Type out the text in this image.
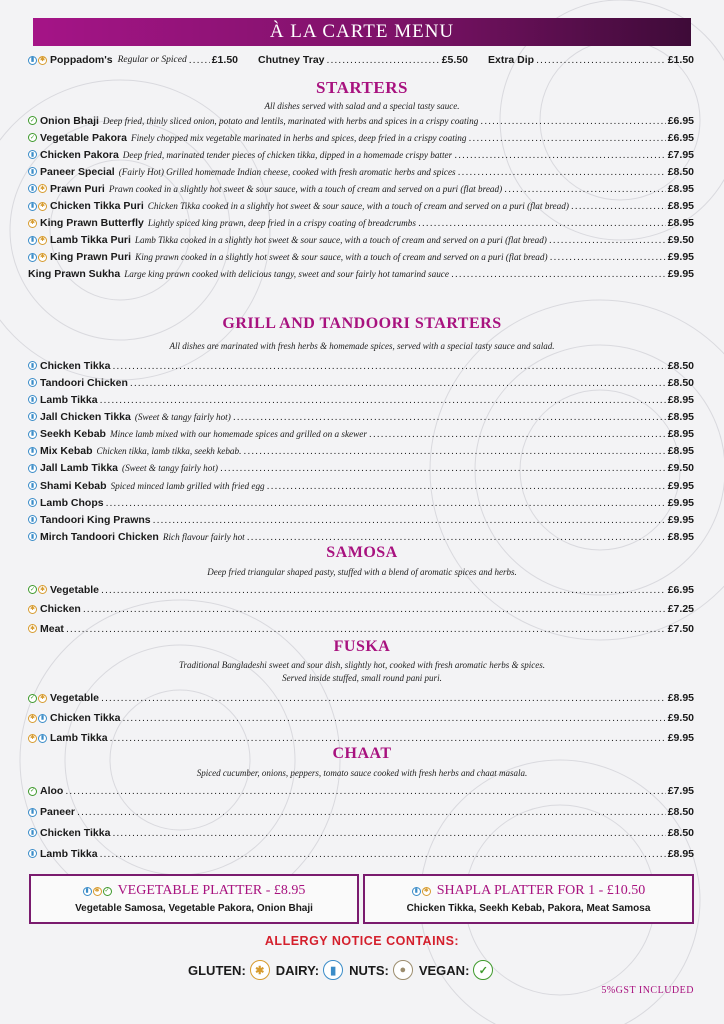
À LA CARTE MENU
▮ ✱ Poppadom's Regular or Spiced ..... £1.50 Chutney Tray .....	£5.50 Extra Dip .....	£1.50
STARTERS
All dishes served with salad and a special tasty sauce.
✓ Onion Bhaji Deep fried, thinly sliced onion, potato and lentils, marinated with herbs and spices in a crispy coating .....	£6.95
✓ Vegetable Pakora Finely chopped mix vegetable marinated in herbs and spices, deep fried in a crispy coating .....	£6.95
▮ Chicken Pakora Deep fried, marinated tender pieces of chicken tikka, dipped in a homemade crispy batter .....	£7.95
▮ Paneer Special (Fairly Hot) Grilled homemade Indian cheese, cooked with fresh aromatic herbs and spices .....	£8.50
▮ ✱ Prawn Puri Prawn cooked in a slightly hot sweet & sour sauce, with a touch of cream and served on a puri (flat bread) .....	£8.95
▮ ✱ Chicken Tikka Puri Chicken Tikka cooked in a slightly hot sweet & sour sauce, with a touch of cream and served on a puri (flat bread) .....	£8.95
✱ King Prawn Butterfly Lightly spiced king prawn, deep fried in a crispy coating of breadcrumbs .....	£8.95
▮ ✱ Lamb Tikka Puri Lamb Tikka cooked in a slightly hot sweet & sour sauce, with a touch of cream and served on a puri (flat bread) .....	£9.50
▮ ✱ King Prawn Puri King prawn cooked in a slightly hot sweet & sour sauce, with a touch of cream and served on a puri (flat bread) .....	£9.95
King Prawn Sukha Large king prawn cooked with delicious tangy, sweet and sour fairly hot tamarind sauce .....	£9.95
GRILL AND TANDOORI STARTERS
All dishes are marinated with fresh herbs & homemade spices, served with a special tasty sauce and salad.
▮ Chicken Tikka .....	£8.50
▮ Tandoori Chicken .....	£8.50
▮ Lamb Tikka .....	£8.95
▮ Jall Chicken Tikka (Sweet & tangy fairly hot) .....	£8.95
▮ Seekh Kebab Mince lamb mixed with our homemade spices and grilled on a skewer .....	£8.95
▮ Mix Kebab Chicken tikka, lamb tikka, seekh kebab. .....	£8.95
▮ Jall Lamb Tikka (Sweet & tangy fairly hot) .....	£9.50
▮ Shami Kebab Spiced minced lamb grilled with fried egg .....	£9.95
▮ Lamb Chops .....	£9.95
▮ Tandoori King Prawns .....	£9.95
▮ Mirch Tandoori Chicken Rich flavour fairly hot .....	£8.95
SAMOSA
Deep fried triangular shaped pasty, stuffed with a blend of aromatic spices and herbs.
✓ ✱ Vegetable .....	£6.95
✱ Chicken .....	£7.25
✱ Meat .....	£7.50
FUSKA
Traditional Bangladeshi sweet and sour dish, slightly hot, cooked with fresh aromatic herbs & spices.
Served inside stuffed, small round pani puri.
✓ ✱ Vegetable .....	£8.95
✱ ▮ Chicken Tikka .....	£9.50
✱ ▮ Lamb Tikka .....	£9.95
CHAAT
Spiced cucumber, onions, peppers, tomato sauce cooked with fresh herbs and chaat masala.
✓ Aloo .....	£7.95
▮ Paneer .....	£8.50
▮ Chicken Tikka .....	£8.50
▮ Lamb Tikka .....	£8.95
▮ ✱ ✓ VEGETABLE PLATTER - £8.95
Vegetable Samosa, Vegetable Pakora, Onion Bhaji
▮ ✱ SHAPLA PLATTER FOR 1 - £10.50
Chicken Tikka, Seekh Kebab, Pakora, Meat Samosa
ALLERGY NOTICE CONTAINS:
GLUTEN: ✱ DAIRY: ▮ NUTS: ● VEGAN: ✓
5%GST INCLUDED
